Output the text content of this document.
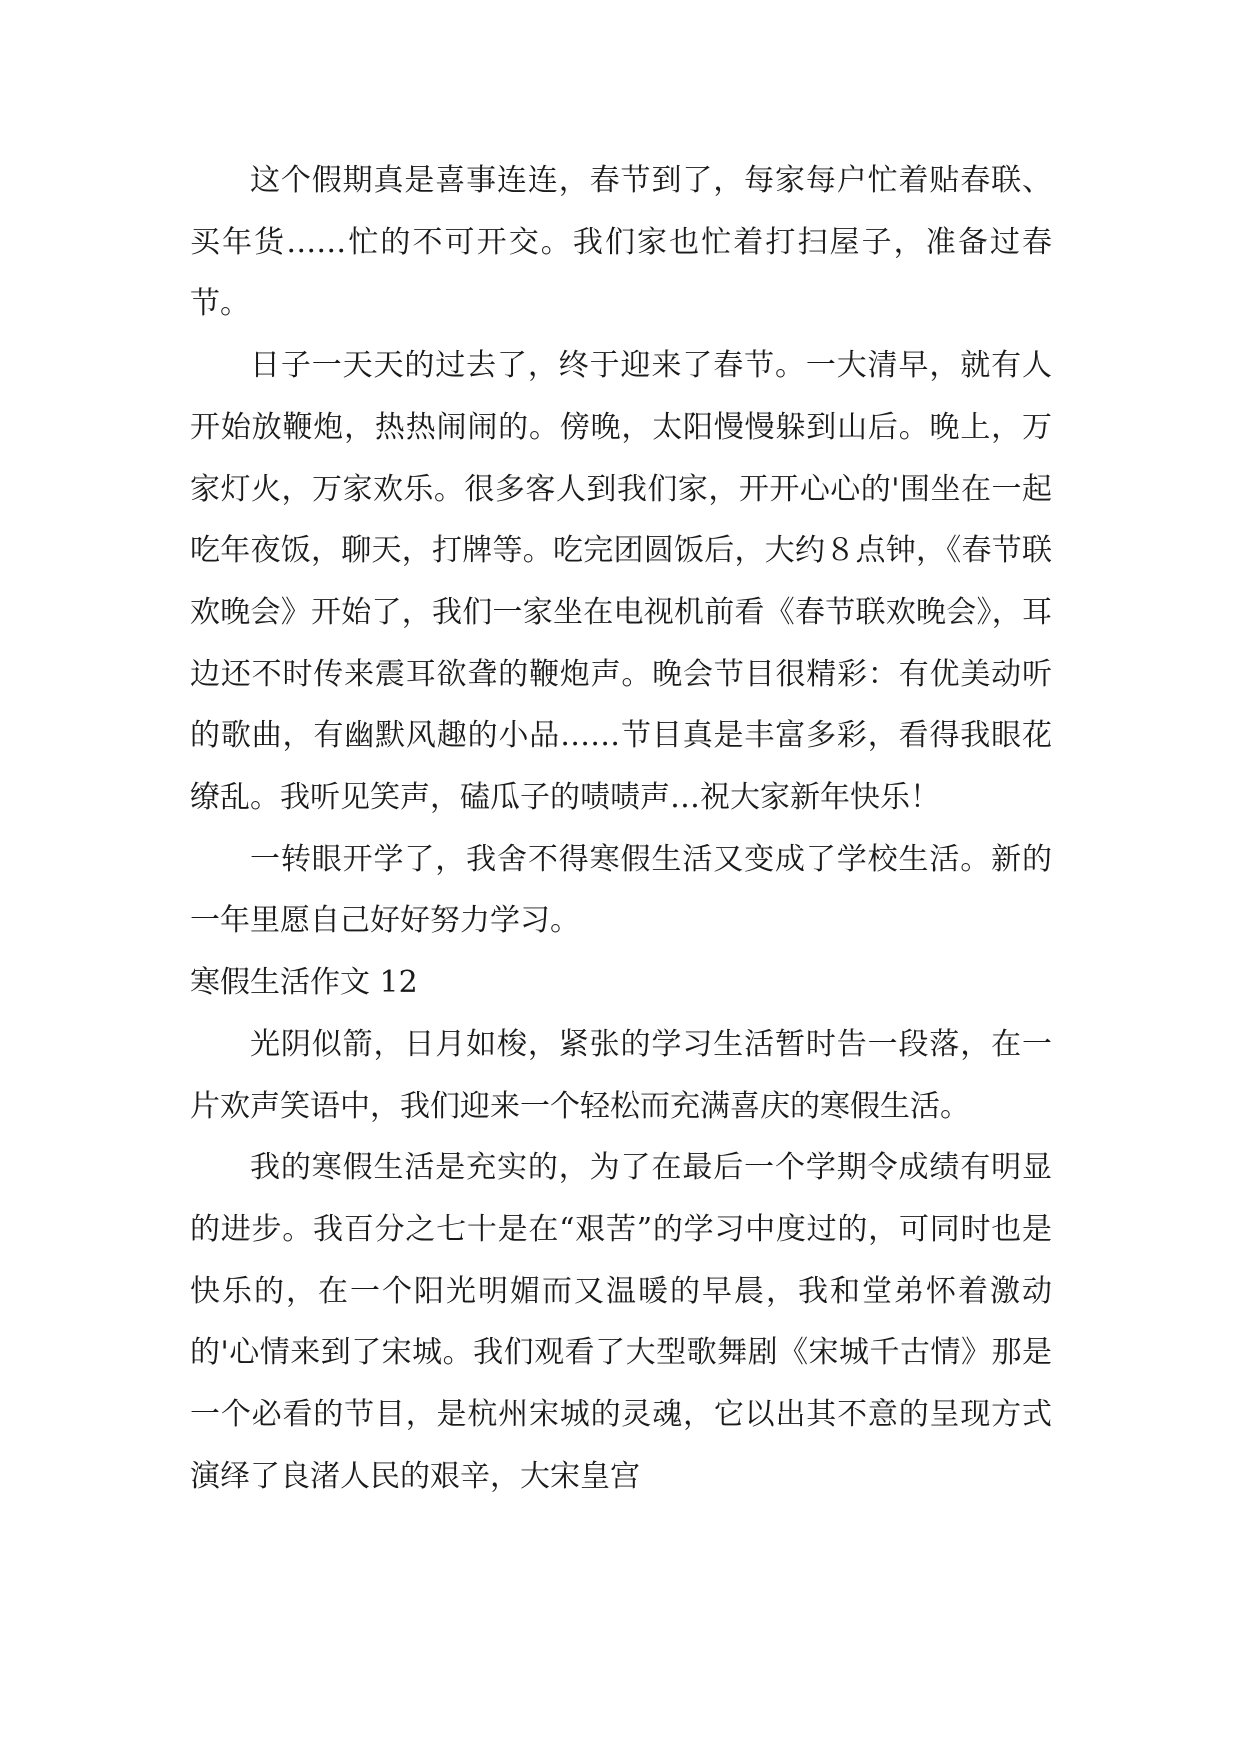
这个假期真是喜事连连，春节到了，每家每户忙着贴春联、买年货……忙的不可开交。我们家也忙着打扫屋子，准备过春节。

日子一天天的过去了，终于迎来了春节。一大清早，就有人开始放鞭炮，热热闹闹的。傍晚，太阳慢慢躲到山后。晚上，万家灯火，万家欢乐。很多客人到我们家，开开心心的'围坐在一起吃年夜饭，聊天，打牌等。吃完团圆饭后，大约８点钟，《春节联欢晚会》开始了，我们一家坐在电视机前看《春节联欢晚会》，耳边还不时传来震耳欲聋的鞭炮声。晚会节目很精彩：有优美动听的歌曲，有幽默风趣的小品……节目真是丰富多彩，看得我眼花缭乱。我听见笑声，磕瓜子的啧啧声…祝大家新年快乐！

一转眼开学了，我舍不得寒假生活又变成了学校生活。新的一年里愿自己好好努力学习。

寒假生活作文 12

光阴似箭，日月如梭，紧张的学习生活暂时告一段落，在一片欢声笑语中，我们迎来一个轻松而充满喜庆的寒假生活。

我的寒假生活是充实的，为了在最后一个学期令成绩有明显的进步。我百分之七十是在“艰苦”的学习中度过的，可同时也是快乐的，在一个阳光明媚而又温暖的早晨，我和堂弟怀着激动的'心情来到了宋城。我们观看了大型歌舞剧《宋城千古情》那是一个必看的节目，是杭州宋城的灵魂，它以出其不意的呈现方式演绎了良渚人民的艰辛，大宋皇宫
